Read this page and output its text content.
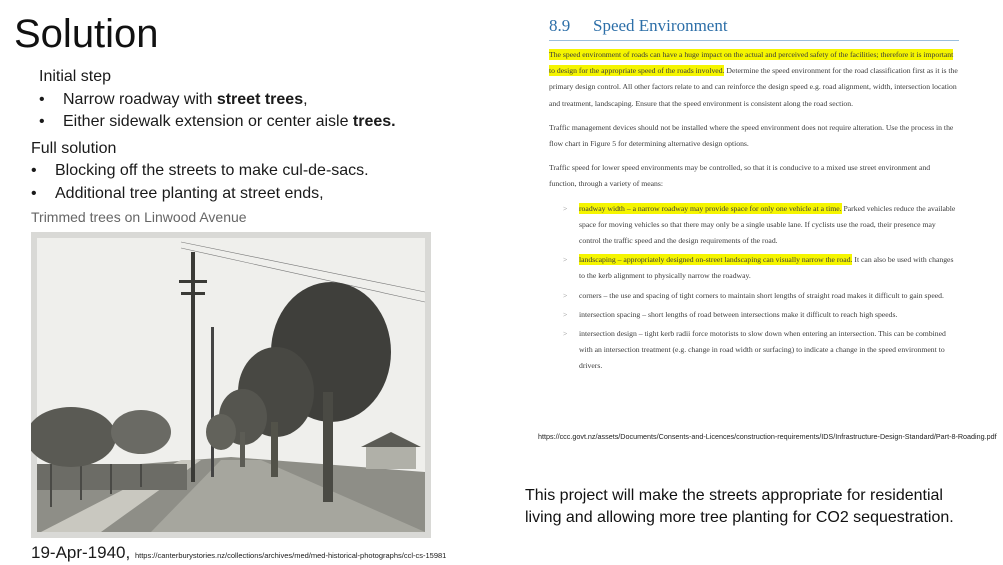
Solution
Initial step
• Narrow roadway with street trees,
• Either sidewalk extension or center aisle trees.
Full solution
• Blocking off the streets to make cul-de-sacs.
• Additional tree planting at street ends,
Trimmed trees on Linwood Avenue
19-Apr-1940, https://canterburystories.nz/collections/archives/med/med-historical-photographs/ccl-cs-15981
8.9 Speed Environment

The speed environment of roads can have a huge impact on the actual and perceived safety of the facilities; therefore it is important to design for the appropriate speed of the roads involved. Determine the speed environment for the road classification first as it is the primary design control. All other factors relate to and can reinforce the design speed e.g. road alignment, width, intersection location and treatment, landscaping. Ensure that the speed environment is consistent along the road section.

Traffic management devices should not be installed where the speed environment does not require alteration. Use the process in the flow chart in Figure 5 for determining alternative design options.

Traffic speed for lower speed environments may be controlled, so that it is conducive to a mixed use street environment and function, through a variety of means:

> roadway width – a narrow roadway may provide space for only one vehicle at a time. Parked vehicles reduce the available space for moving vehicles so that there may only be a single usable lane. If cyclists use the road, their presence may control the traffic speed and the design requirements of the road.
> landscaping – appropriately designed on-street landscaping can visually narrow the road. It can also be used with changes to the kerb alignment to physically narrow the roadway.
> corners – the use and spacing of tight corners to maintain short lengths of straight road makes it difficult to gain speed.
> intersection spacing – short lengths of road between intersections make it difficult to reach high speeds.
> intersection design – tight kerb radii force motorists to slow down when entering an intersection. This can be combined with an intersection treatment (e.g. change in road width or surfacing) to indicate a change in the speed environment to drivers.
https://ccc.govt.nz/assets/Documents/Consents-and-Licences/construction-requirements/IDS/Infrastructure-Design-Standard/Part-8-Roading.pdf
This project will make the streets appropriate for residential living and allowing more tree planting for CO2 sequestration.
